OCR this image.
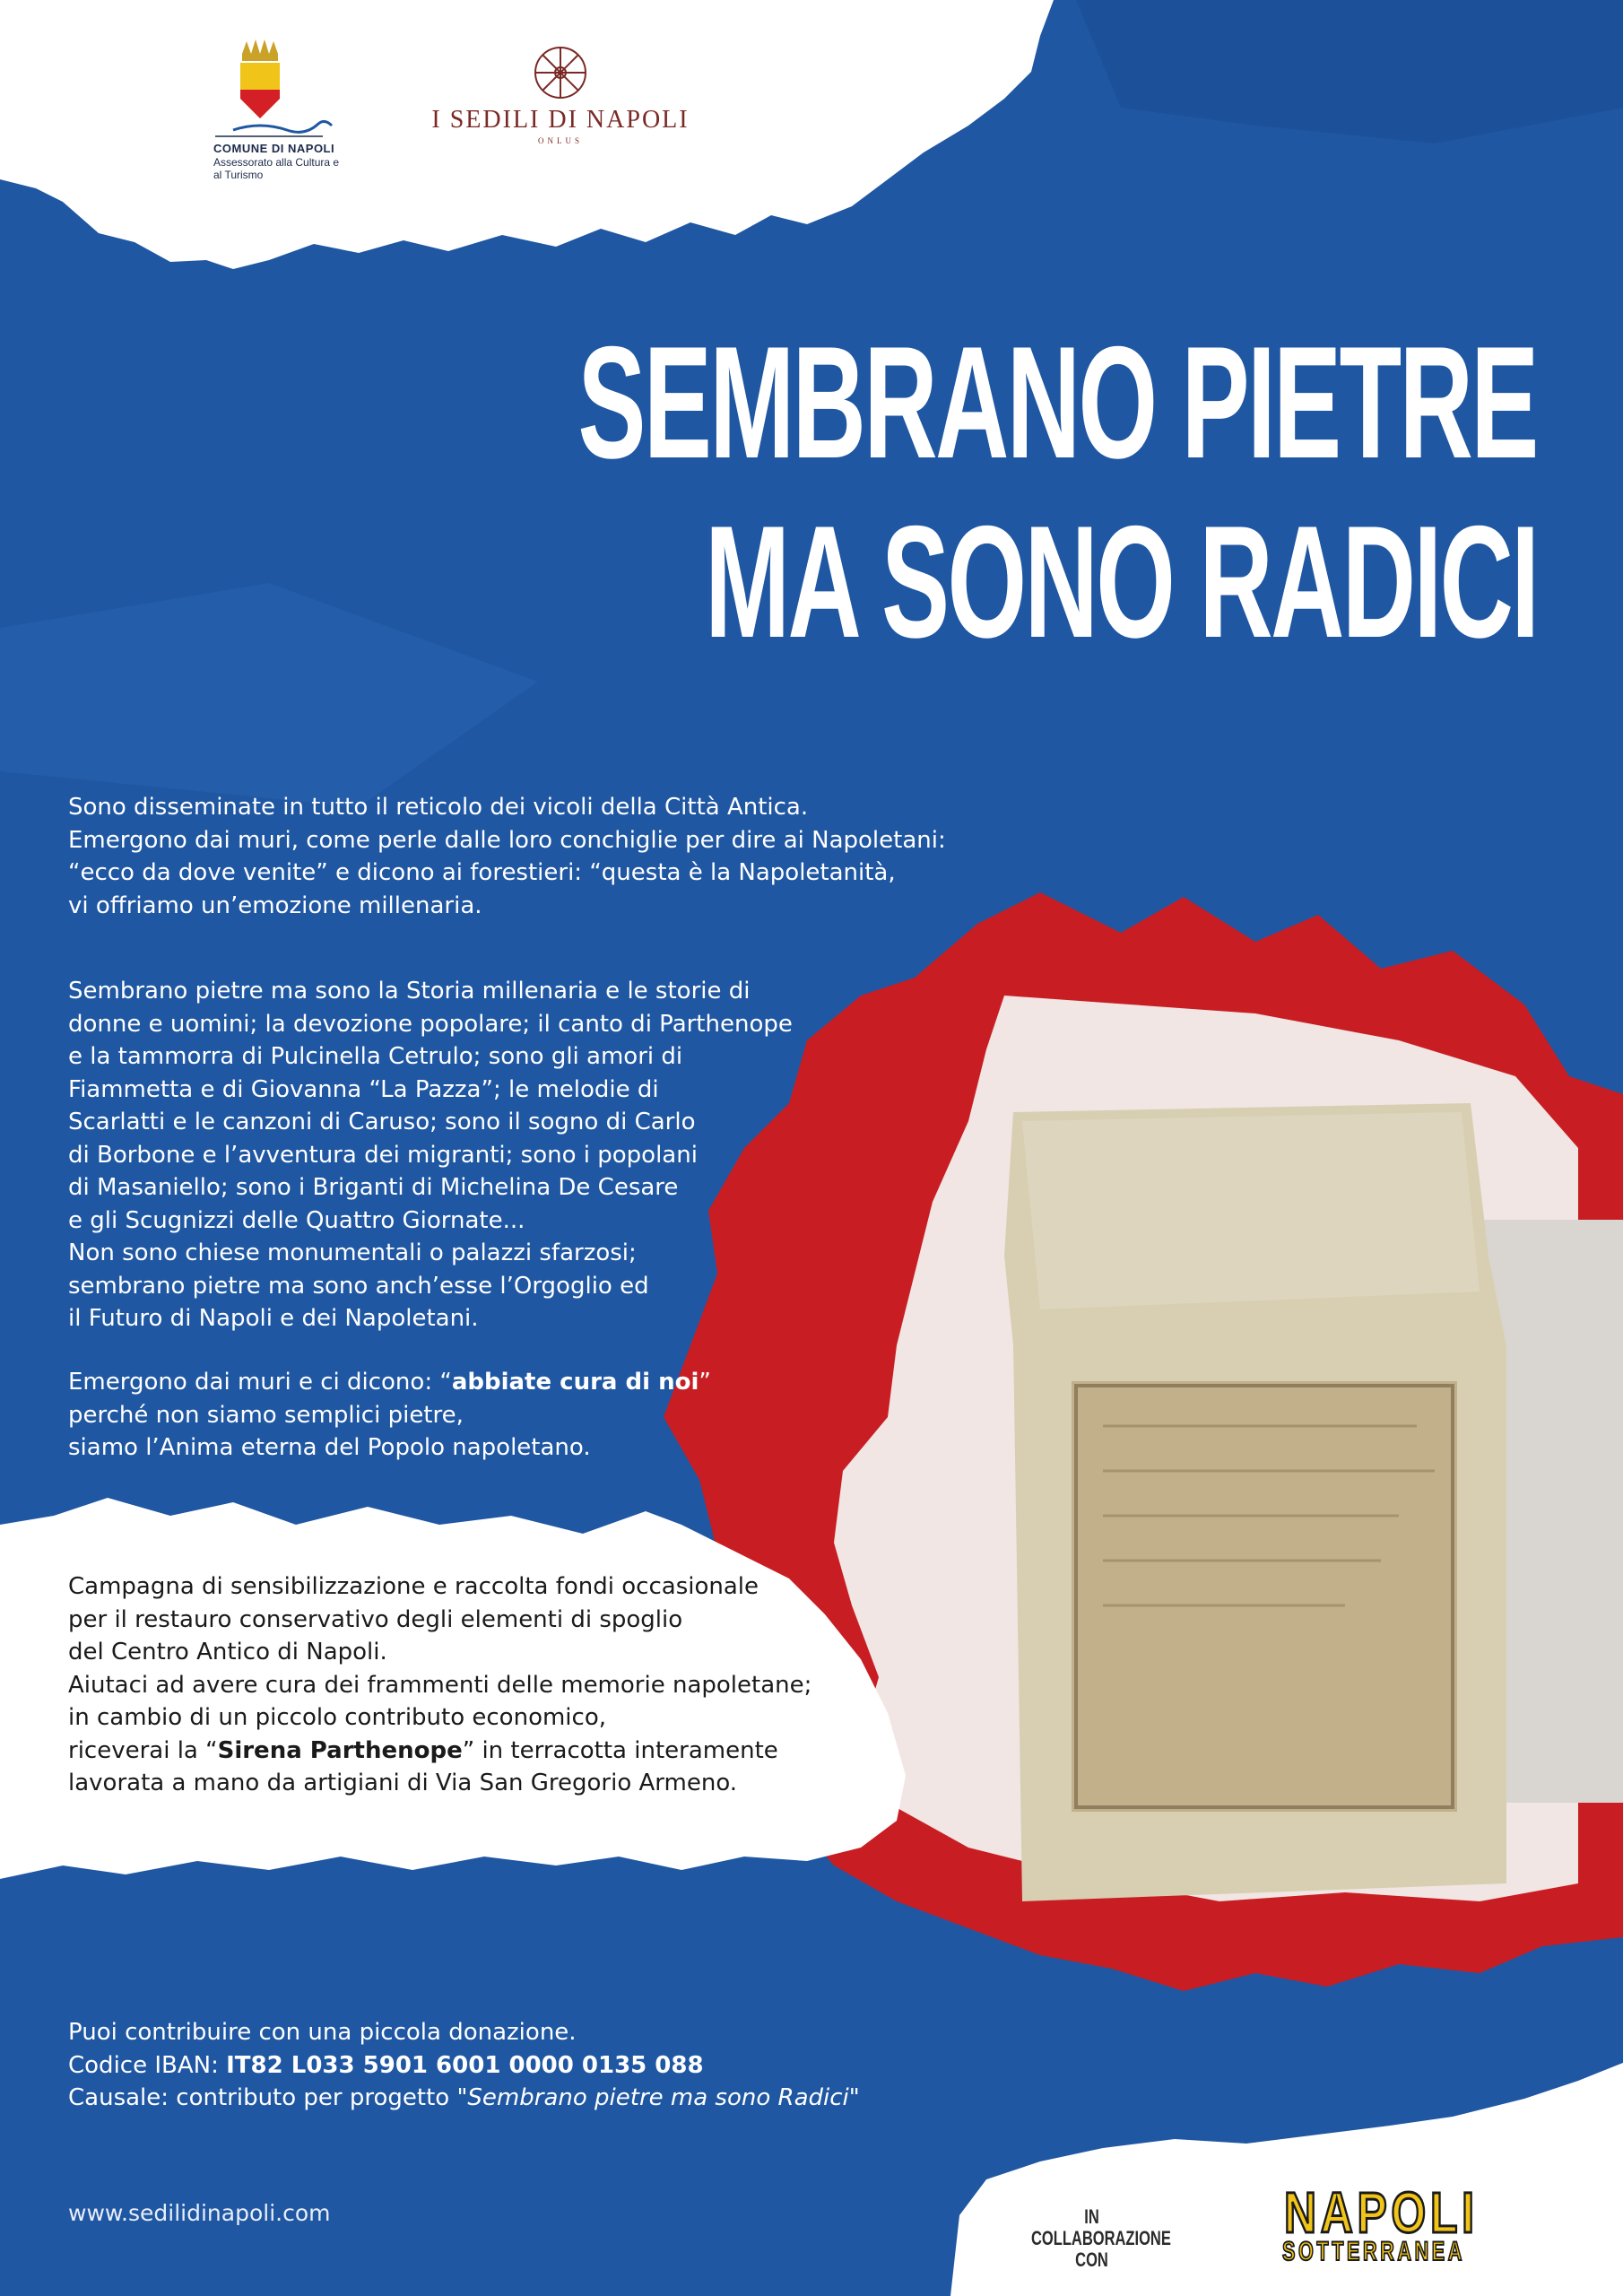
COMUNE DI NAPOLI
Assessorato alla Cultura e al Turismo
I SEDILI DI NAPOLI
ONLUS
SEMBRANO PIETRE
MA SONO RADICI
Sono disseminate in tutto il reticolo dei vicoli della Città Antica.
Emergono dai muri, come perle dalle loro conchiglie per dire ai Napoletani:
“ecco da dove venite” e dicono ai forestieri: “questa è la Napoletanità,
vi offriamo un’emozione millenaria.
Sembrano pietre ma sono la Storia millenaria e le storie di
donne e uomini; la devozione popolare; il canto di Parthenope
e la tammorra di Pulcinella Cetrulo; sono gli amori di
Fiammetta e di Giovanna “La Pazza”; le melodie di
Scarlatti e le canzoni di Caruso; sono il sogno di Carlo
di Borbone e l’avventura dei migranti; sono i popolani
di Masaniello; sono i Briganti di Michelina De Cesare
e gli Scugnizzi delle Quattro Giornate...
Non sono chiese monumentali o palazzi sfarzosi;
sembrano pietre ma sono anch’esse l’Orgoglio ed
il Futuro di Napoli e dei Napoletani.
Emergono dai muri e ci dicono: “abbiate cura di noi”
perché non siamo semplici pietre,
siamo l’Anima eterna del Popolo napoletano.
Campagna di sensibilizzazione e raccolta fondi occasionale
per il restauro conservativo degli elementi di spoglio
del Centro Antico di Napoli.
Aiutaci ad avere cura dei frammenti delle memorie napoletane;
in cambio di un piccolo contributo economico,
riceverai la “Sirena Parthenope” in terracotta interamente
lavorata a mano da artigiani di Via San Gregorio Armeno.
Puoi contribuire con una piccola donazione.
Codice IBAN: IT82 L033 5901 6001 0000 0135 088
Causale: contributo per progetto "Sembrano pietre ma sono Radici"
www.sedilidinapoli.com	IN COLLABORAZIONE
CON
NAPOLI
SOTTERRANEA
